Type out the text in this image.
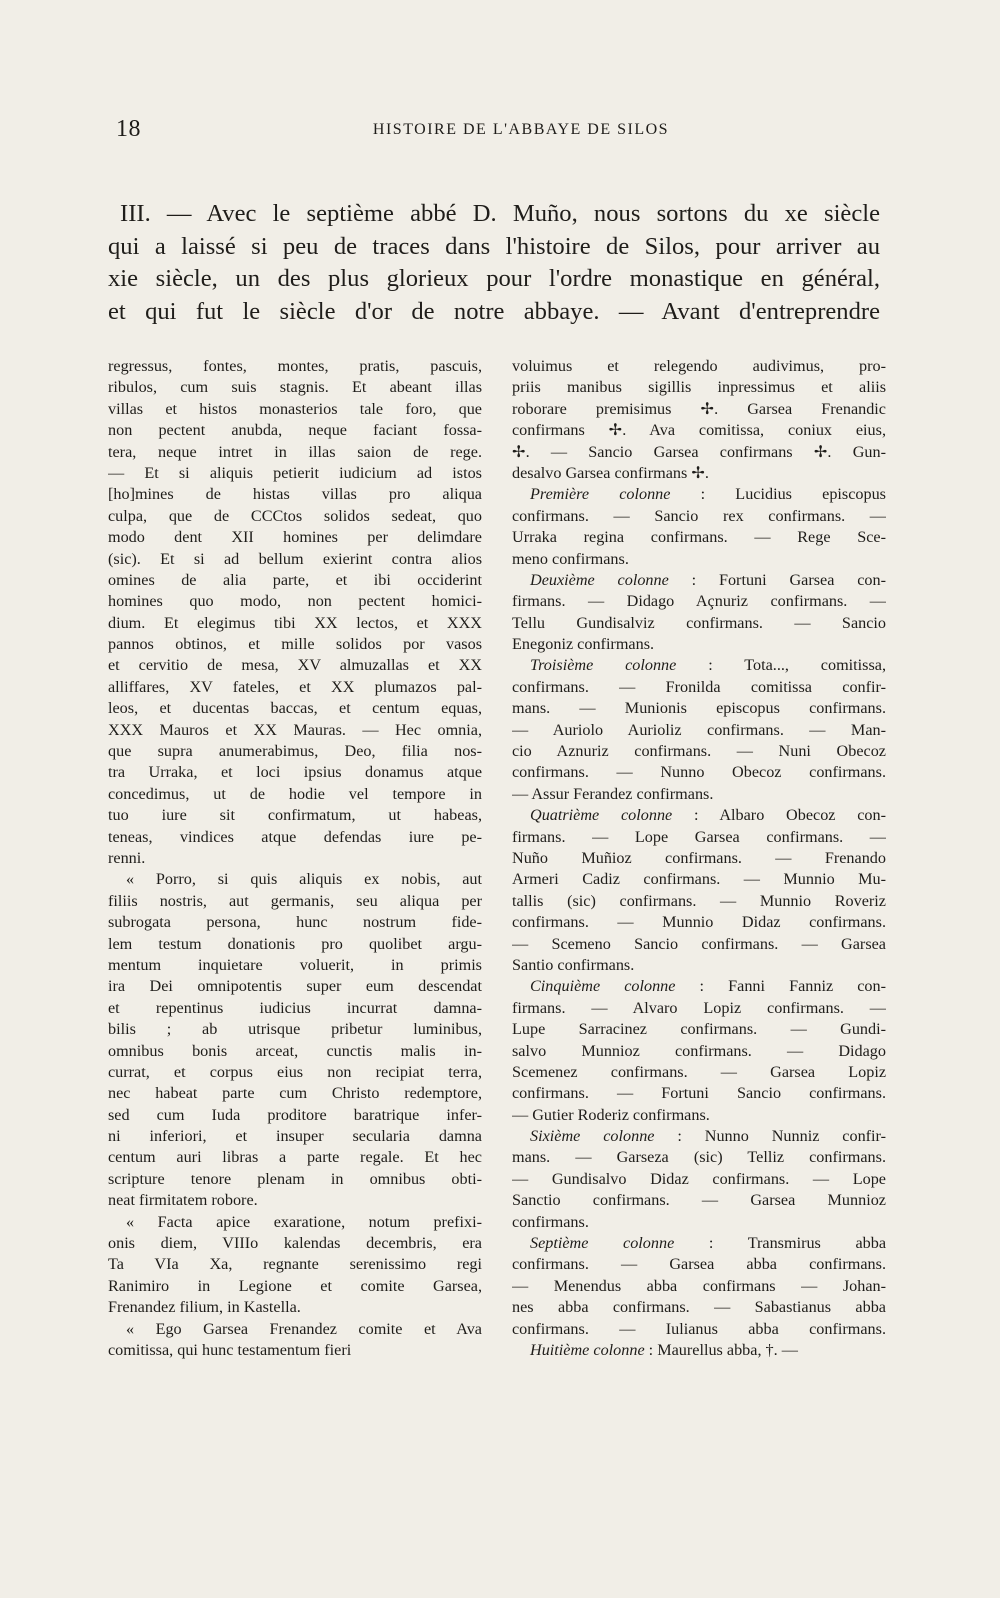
18	HISTOIRE DE L'ABBAYE DE SILOS
III. — Avec le septième abbé D. Muño, nous sortons du xe siècle
qui a laissé si peu de traces dans l'histoire de Silos, pour arriver au
xie siècle, un des plus glorieux pour l'ordre monastique en général,
et qui fut le siècle d'or de notre abbaye. — Avant d'entreprendre
regressus, fontes, montes, pratis, pascuis,
ribulos, cum suis stagnis. Et abeant illas
villas et histos monasterios tale foro, que
non pectent anubda, neque faciant fossa-
tera, neque intret in illas saion de rege.
— Et si aliquis petierit iudicium ad istos
[ho]mines de histas villas pro aliqua
culpa, que de CCCtos solidos sedeat, quo
modo dent XII homines per delimdare
(sic). Et si ad bellum exierint contra alios
omines de alia parte, et ibi occiderint
homines quo modo, non pectent homici-
dium. Et elegimus tibi XX lectos, et XXX
pannos obtinos, et mille solidos por vasos
et cervitio de mesa, XV almuzallas et XX
alliffares, XV fateles, et XX plumazos pal-
leos, et ducentas baccas, et centum equas,
XXX Mauros et XX Mauras. — Hec omnia,
que supra anumerabimus, Deo, filia nos-
tra Urraka, et loci ipsius donamus atque
concedimus, ut de hodie vel tempore in
tuo iure sit confirmatum, ut habeas,
teneas, vindices atque defendas iure pe-
renni.
« Porro, si quis aliquis ex nobis, aut
filiis nostris, aut germanis, seu aliqua per
subrogata persona, hunc nostrum fide-
lem testum donationis pro quolibet argu-
mentum inquietare voluerit, in primis
ira Dei omnipotentis super eum descendat
et repentinus iudicius incurrat damna-
bilis ; ab utrisque pribetur luminibus,
omnibus bonis arceat, cunctis malis in-
currat, et corpus eius non recipiat terra,
nec habeat parte cum Christo redemptore,
sed cum Iuda proditore baratrique infer-
ni inferiori, et insuper secularia damna
centum auri libras a parte regale. Et hec
scripture tenore plenam in omnibus obti-
neat firmitatem robore.
« Facta apice exaratione, notum prefixi-
onis diem, VIIIo kalendas decembris, era
Ta VIa Xa, regnante serenissimo regi
Ranimiro in Legione et comite Garsea,
Frenandez filium, in Kastella.
« Ego Garsea Frenandez comite et Ava
comitissa, qui hunc testamentum fieri
voluimus et relegendo audivimus, pro-
priis manibus sigillis inpressimus et aliis
roborare premisimus ✢. Garsea Frenandic
confirmans ✢. Ava comitissa, coniux eius,
✢. — Sancio Garsea confirmans ✢. Gun-
desalvo Garsea confirmans ✢.
Première colonne : Lucidius episcopus
confirmans. — Sancio rex confirmans. —
Urraka regina confirmans. — Rege Sce-
meno confirmans.
Deuxième colonne : Fortuni Garsea con-
firmans. — Didago Açnuriz confirmans. —
Tellu Gundisalviz confirmans. — Sancio
Enegoniz confirmans.
Troisième colonne : Tota..., comitissa,
confirmans. — Fronilda comitissa confir-
mans. — Munionis episcopus confirmans.
— Auriolo Aurioliz confirmans. — Man-
cio Aznuriz confirmans. — Nuni Obecoz
confirmans. — Nunno Obecoz confirmans.
— Assur Ferandez confirmans.
Quatrième colonne : Albaro Obecoz con-
firmans. — Lope Garsea confirmans. —
Nuño Muñioz confirmans. — Frenando
Armeri Cadiz confirmans. — Munnio Mu-
tallis (sic) confirmans. — Munnio Roveriz
confirmans. — Munnio Didaz confirmans.
— Scemeno Sancio confirmans. — Garsea
Santio confirmans.
Cinquième colonne : Fanni Fanniz con-
firmans. — Alvaro Lopiz confirmans. —
Lupe Sarracinez confirmans. — Gundi-
salvo Munnioz confirmans. — Didago
Scemenez confirmans. — Garsea Lopiz
confirmans. — Fortuni Sancio confirmans.
— Gutier Roderiz confirmans.
Sixième colonne : Nunno Nunniz confir-
mans. — Garseza (sic) Telliz confirmans.
— Gundisalvo Didaz confirmans. — Lope
Sanctio confirmans. — Garsea Munnioz
confirmans.
Septième colonne : Transmirus abba
confirmans. — Garsea abba confirmans.
— Menendus abba confirmans — Johan-
nes abba confirmans. — Sabastianus abba
confirmans. — Iulianus abba confirmans.
Huitième colonne : Maurellus abba, †. —
